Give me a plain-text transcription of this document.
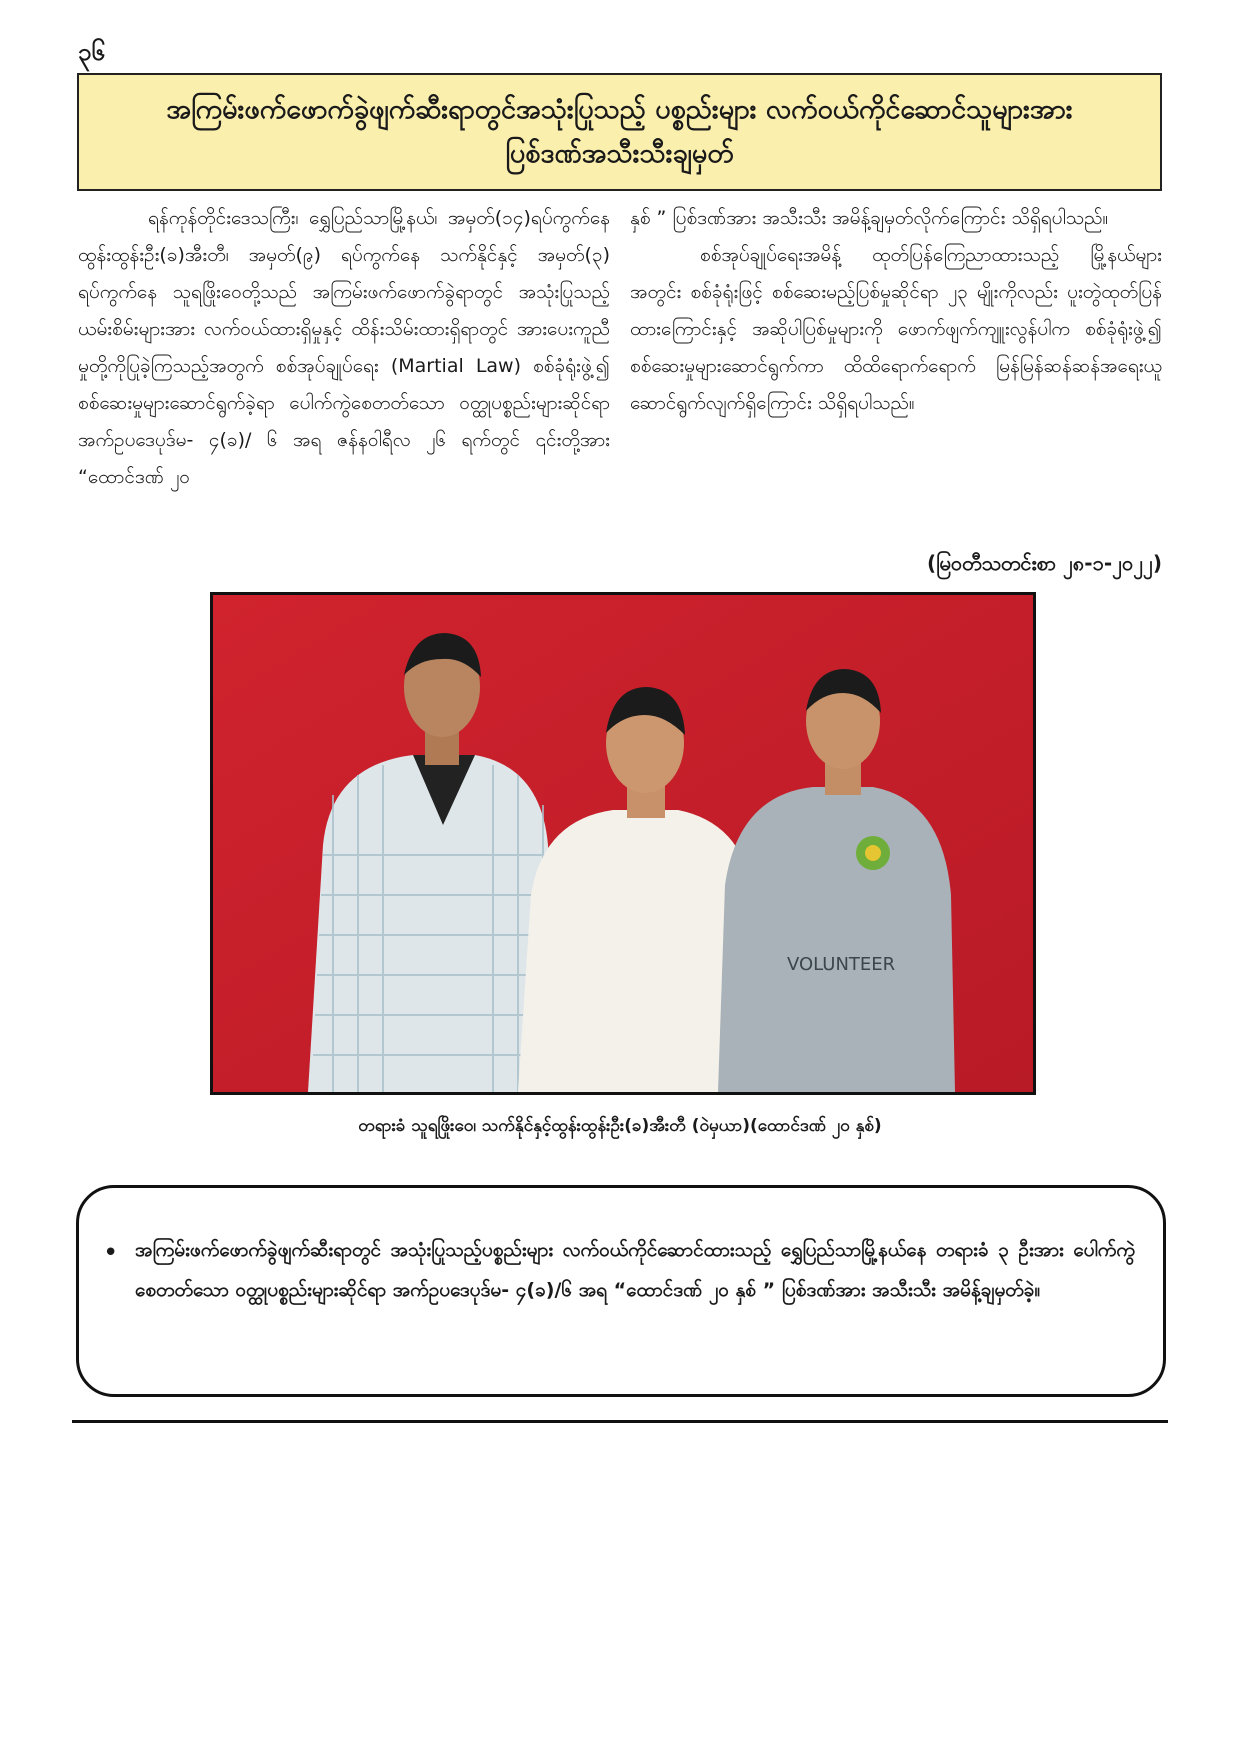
၃၆
အကြမ်းဖက်ဖောက်ခွဲဖျက်ဆီးရာတွင်အသုံးပြုသည့် ပစ္စည်းများ လက်ဝယ်ကိုင်ဆောင်သူများအား
ပြစ်ဒဏ်အသီးသီးချမှတ်

ရန်ကုန်တိုင်းဒေသကြီး၊ ရွှေပြည်သာမြို့နယ်၊ အမှတ်(၁၄)ရပ်ကွက်နေ ထွန်းထွန်းဦး(ခ)အီးတီ၊ အမှတ်(၉) ရပ်ကွက်နေ သက်နိုင်နှင့် အမှတ်(၃) ရပ်ကွက်နေ သူရဖြိုးဝေတို့သည် အကြမ်းဖက်ဖောက်ခွဲရာတွင် အသုံးပြုသည့် ယမ်းစိမ်းများအား လက်ဝယ်ထားရှိမှုနှင့် ထိန်းသိမ်းထားရှိရာတွင် အားပေးကူညီမှုတို့ကိုပြုခဲ့ကြသည့်အတွက် စစ်အုပ်ချုပ်ရေး (Martial Law) စစ်ခုံရုံးဖွဲ့၍ စစ်ဆေးမှုများဆောင်ရွက်ခဲ့ရာ ပေါက်ကွဲစေတတ်သော ဝတ္ထုပစ္စည်းများဆိုင်ရာ အက်ဥပဒေပုဒ်မ- ၄(ခ)/ ၆ အရ ဇန်နဝါရီလ ၂၆ ရက်တွင် ၎င်းတို့အား “ထောင်ဒဏ် ၂၀

နှစ် ” ပြစ်ဒဏ်အား အသီးသီး အမိန့်ချမှတ်လိုက်ကြောင်း သိရှိရပါသည်။

စစ်အုပ်ချုပ်ရေးအမိန့် ထုတ်ပြန်ကြေညာထားသည့် မြို့နယ်များအတွင်း စစ်ခုံရုံးဖြင့် စစ်ဆေးမည့်ပြစ်မှုဆိုင်ရာ ၂၃ မျိုးကိုလည်း ပူးတွဲထုတ်ပြန်ထားကြောင်းနှင့် အဆိုပါပြစ်မှုများကို ဖောက်ဖျက်ကျူးလွန်ပါက စစ်ခုံရုံးဖွဲ့၍ စစ်ဆေးမှုများဆောင်ရွက်ကာ ထိထိရောက်ရောက် မြန်မြန်ဆန်ဆန်အရေးယူဆောင်ရွက်လျက်ရှိကြောင်း သိရှိရပါသည်။

(မြဝတီသတင်းစာ ၂၈-၁-၂၀၂၂)
VOLUNTEER
တရားခံ သူရဖြိုးဝေ၊ သက်နိုင်နှင့်ထွန်းထွန်းဦး(ခ)အီးတီ (ဝဲမှယာ)(ထောင်ဒဏ် ၂၀ နှစ်)
• အကြမ်းဖက်ဖောက်ခွဲဖျက်ဆီးရာတွင် အသုံးပြုသည့်ပစ္စည်းများ လက်ဝယ်ကိုင်ဆောင်ထားသည့် ရွှေပြည်သာမြို့နယ်နေ တရားခံ ၃ ဦးအား ပေါက်ကွဲစေတတ်သော ဝတ္ထုပစ္စည်းများဆိုင်ရာ အက်ဥပဒေပုဒ်မ- ၄(ခ)/၆ အရ “ထောင်ဒဏ် ၂၀ နှစ် ” ပြစ်ဒဏ်အား အသီးသီး အမိန့်ချမှတ်ခဲ့။
